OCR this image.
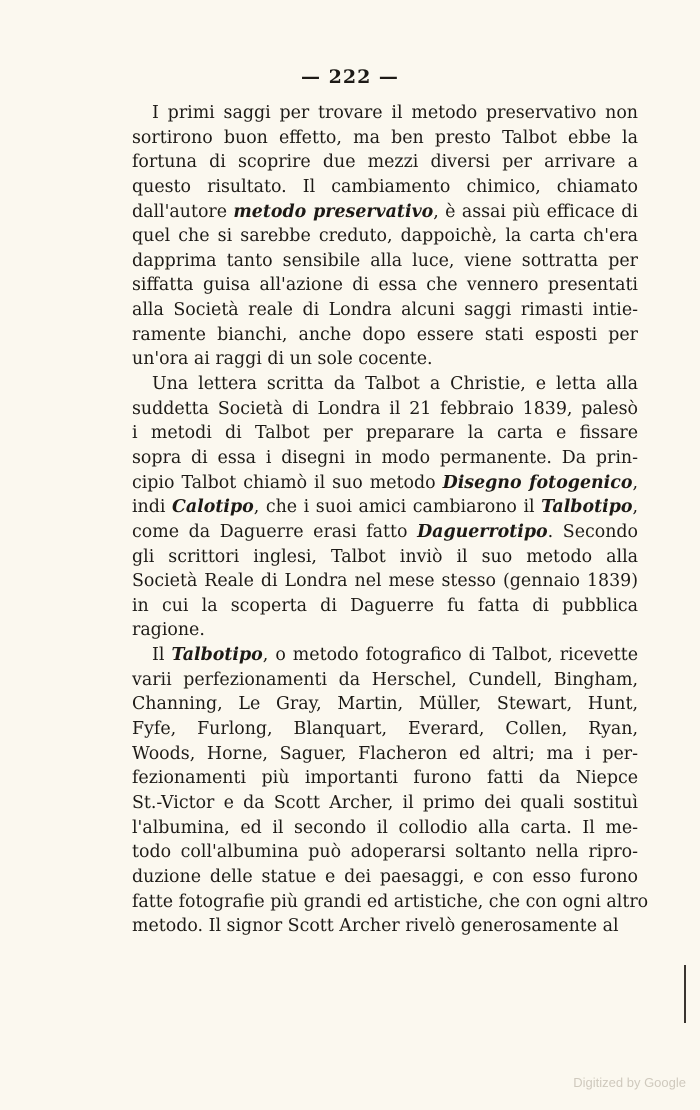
— 222 —
I primi saggi per trovare il metodo preservativo non
sortirono buon effetto, ma ben presto Talbot ebbe la
fortuna di scoprire due mezzi diversi per arrivare a
questo risultato. Il cambiamento chimico, chiamato
dall'autore metodo preservativo, è assai più efficace di
quel che si sarebbe creduto, dappoichè, la carta ch'era
dapprima tanto sensibile alla luce, viene sottratta per
siffatta guisa all'azione di essa che vennero presentati
alla Società reale di Londra alcuni saggi rimasti intie-
ramente bianchi, anche dopo essere stati esposti per
un'ora ai raggi di un sole cocente.
Una lettera scritta da Talbot a Christie, e letta alla
suddetta Società di Londra il 21 febbraio 1839, palesò
i metodi di Talbot per preparare la carta e fissare
sopra di essa i disegni in modo permanente. Da prin-
cipio Talbot chiamò il suo metodo Disegno fotogenico,
indi Calotipo, che i suoi amici cambiarono il Talbotipo,
come da Daguerre erasi fatto Daguerrotipo. Secondo
gli scrittori inglesi, Talbot inviò il suo metodo alla
Società Reale di Londra nel mese stesso (gennaio 1839)
in cui la scoperta di Daguerre fu fatta di pubblica
ragione.
Il Talbotipo, o metodo fotografico di Talbot, ricevette
varii perfezionamenti da Herschel, Cundell, Bingham,
Channing, Le Gray, Martin, Müller, Stewart, Hunt,
Fyfe, Furlong, Blanquart, Everard, Collen, Ryan,
Woods, Horne, Saguer, Flacheron ed altri; ma i per-
fezionamenti più importanti furono fatti da Niepce
St.-Victor e da Scott Archer, il primo dei quali sostituì
l'albumina, ed il secondo il collodio alla carta. Il me-
todo coll'albumina può adoperarsi soltanto nella ripro-
duzione delle statue e dei paesaggi, e con esso furono
fatte fotografie più grandi ed artistiche, che con ogni altro
metodo. Il signor Scott Archer rivelò generosamente al
Digitized by Google
